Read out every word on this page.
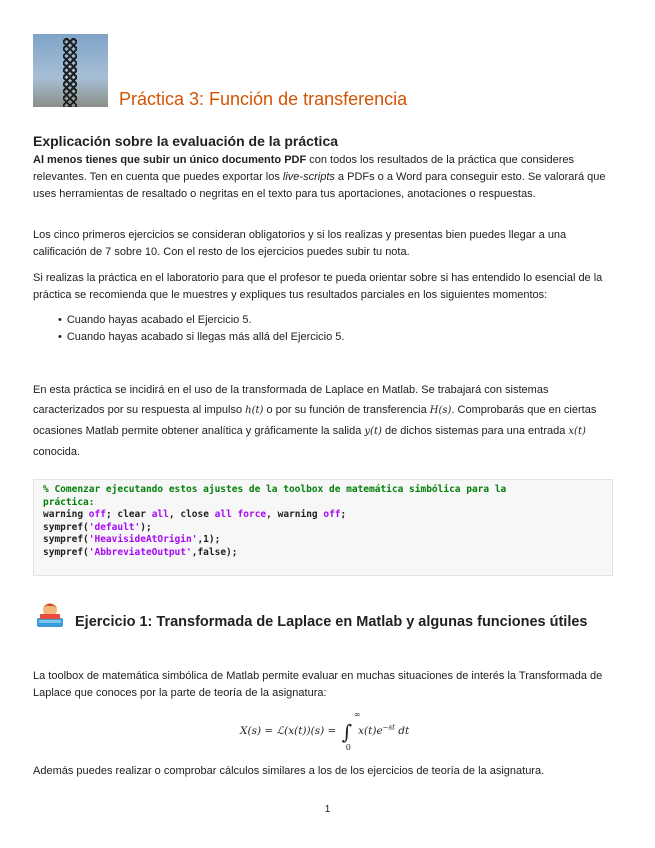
Práctica 3: Función de transferencia
Explicación sobre la evaluación de la práctica
Al menos tienes que subir un único documento PDF con todos los resultados de la práctica que consideres relevantes. Ten en cuenta que puedes exportar los live-scripts a PDFs o a Word para conseguir esto. Se valorará que uses herramientas de resaltado o negritas en el texto para tus aportaciones, anotaciones o respuestas.
Los cinco primeros ejercicios se consideran obligatorios y si los realizas y presentas bien puedes llegar a una calificación de 7 sobre 10. Con el resto de los ejercicios puedes subir tu nota.
Si realizas la práctica en el laboratorio para que el profesor te pueda orientar sobre si has entendido lo esencial de la práctica se recomienda que le muestres y expliques tus resultados parciales en los siguientes momentos:
• Cuando hayas acabado el Ejercicio 5.
• Cuando hayas acabado si llegas más allá del Ejercicio 5.
En esta práctica se incidirá en el uso de la transformada de Laplace en Matlab. Se trabajará con sistemas caracterizados por su respuesta al impulso h(t) o por su función de transferencia H(s). Comprobarás que en ciertas ocasiones Matlab permite obtener analítica y gráficamente la salida y(t) de dichos sistemas para una entrada x(t) conocida.
% Comenzar ejecutando estos ajustes de la toolbox de matemática simbólica para la
práctica:
warning off; clear all, close all force, warning off;
sympref('default');
sympref('HeavisideAtOrigin',1);
sympref('AbbreviateOutput',false);
Ejercicio 1: Transformada de Laplace en Matlab y algunas funciones útiles
La toolbox de matemática simbólica de Matlab permite evaluar en muchas situaciones de interés la Transformada de Laplace que conoces por la parte de teoría de la asignatura:
X(s) = ℒ(x(t))(s) = ∫
∞
0
$x(t)e^{-st}$ dt
Además puedes realizar o comprobar cálculos similares a los de los ejercicios de teoría de la asignatura.
1
